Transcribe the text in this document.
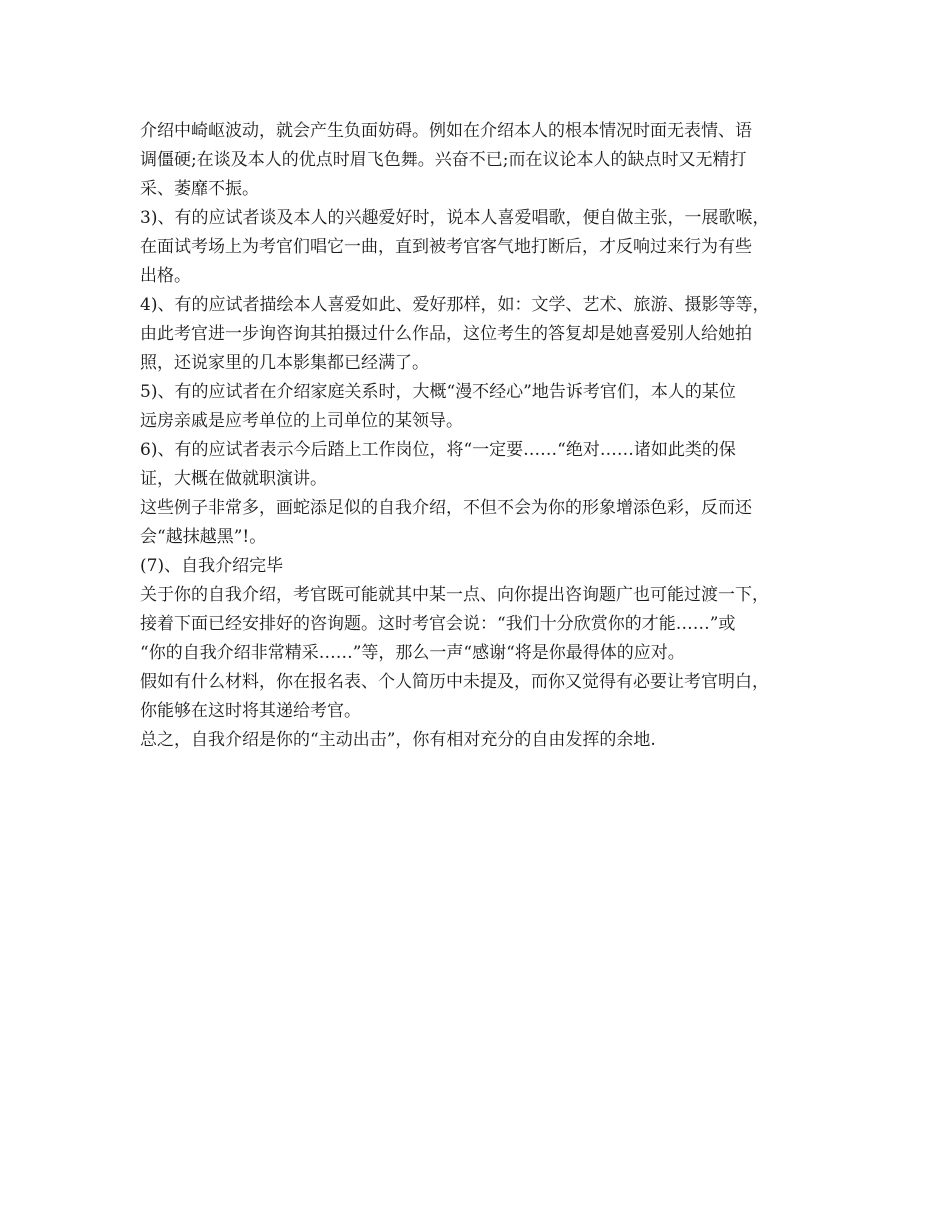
介绍中崎岖波动，就会产生负面妨碍。例如在介绍本人的根本情况时面无表情、语
调僵硬;在谈及本人的优点时眉飞色舞。兴奋不已;而在议论本人的缺点时又无精打
采、萎靡不振。

3)、有的应试者谈及本人的兴趣爱好时，说本人喜爱唱歌，便自做主张，一展歌喉，
在面试考场上为考官们唱它一曲，直到被考官客气地打断后，才反响过来行为有些
出格。

4)、有的应试者描绘本人喜爱如此、爱好那样，如：文学、艺术、旅游、摄影等等，
由此考官进一步询咨询其拍摄过什么作品，这位考生的答复却是她喜爱别人给她拍
照，还说家里的几本影集都已经满了。

5)、有的应试者在介绍家庭关系时，大概“漫不经心”地告诉考官们，本人的某位
远房亲戚是应考单位的上司单位的某领导。

6)、有的应试者表示今后踏上工作岗位，将“一定要……“绝对……诸如此类的保
证，大概在做就职演讲。

这些例子非常多，画蛇添足似的自我介绍，不但不会为你的形象增添色彩，反而还
会“越抹越黑”!。

(7)、自我介绍完毕

关于你的自我介绍，考官既可能就其中某一点、向你提出咨询题广也可能过渡一下，
接着下面已经安排好的咨询题。这时考官会说：“我们十分欣赏你的才能……”或
“你的自我介绍非常精采……”等，那么一声“感谢“将是你最得体的应对。

假如有什么材料，你在报名表、个人简历中未提及，而你又觉得有必要让考官明白，
你能够在这时将其递给考官。

总之，自我介绍是你的“主动出击”，你有相对充分的自由发挥的余地.
